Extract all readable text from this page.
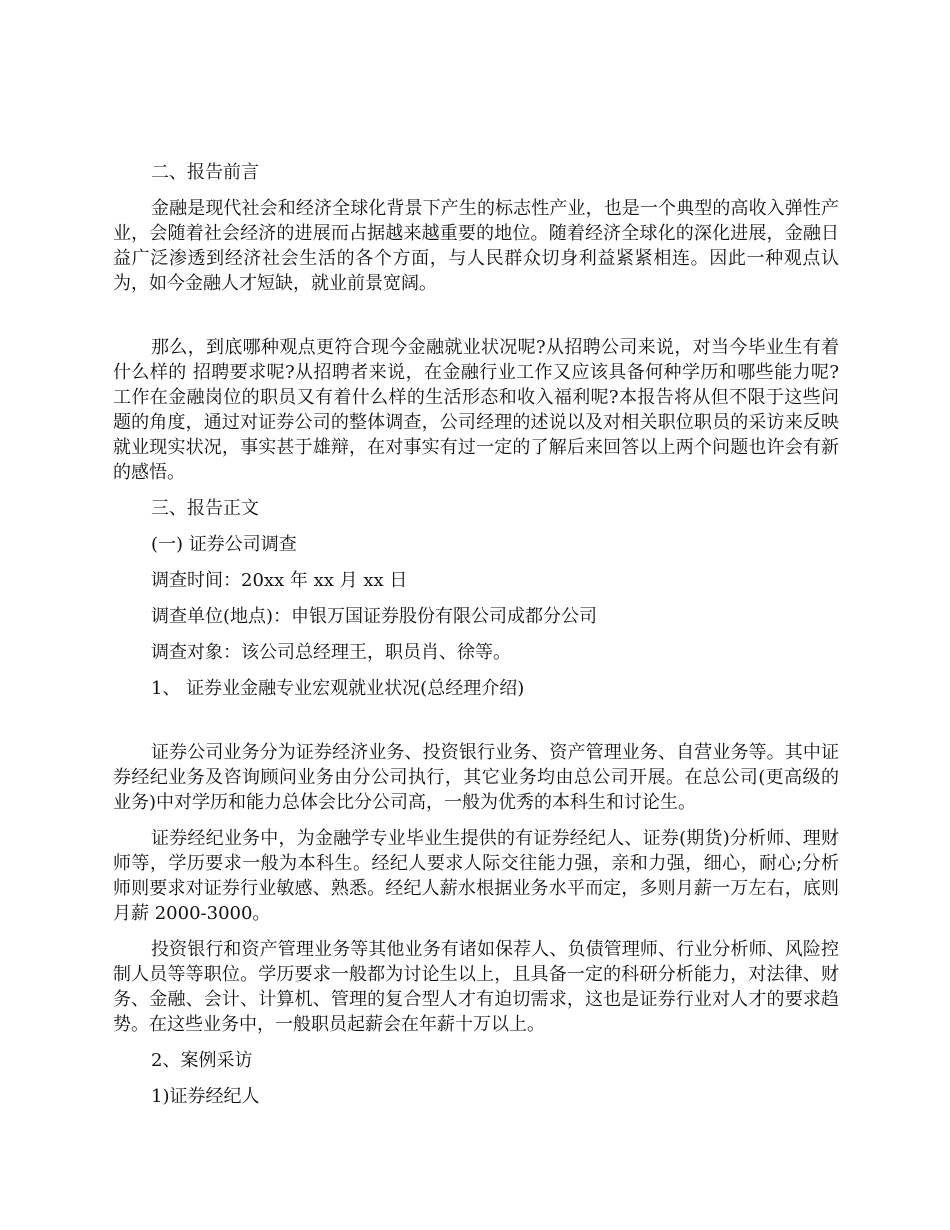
二、报告前言

金融是现代社会和经济全球化背景下产生的标志性产业，也是一个典型的高收入弹性产业，会随着社会经济的进展而占据越来越重要的地位。随着经济全球化的深化进展，金融日益广泛渗透到经济社会生活的各个方面，与人民群众切身利益紧紧相连。因此一种观点认为，如今金融人才短缺，就业前景宽阔。

那么，到底哪种观点更符合现今金融就业状况呢?从招聘公司来说，对当今毕业生有着什么样的 招聘要求呢?从招聘者来说，在金融行业工作又应该具备何种学历和哪些能力呢?工作在金融岗位的职员又有着什么样的生活形态和收入福利呢?本报告将从但不限于这些问题的角度，通过对证券公司的整体调查，公司经理的述说以及对相关职位职员的采访来反映就业现实状况，事实甚于雄辩，在对事实有过一定的了解后来回答以上两个问题也许会有新的感悟。

三、报告正文
(一) 证券公司调查
调查时间：20xx 年 xx 月 xx 日
调查单位(地点)：申银万国证券股份有限公司成都分公司
调查对象：该公司总经理王，职员肖、徐等。
1、 证券业金融专业宏观就业状况(总经理介绍)

证券公司业务分为证券经济业务、投资银行业务、资产管理业务、自营业务等。其中证券经纪业务及咨询顾问业务由分公司执行，其它业务均由总公司开展。在总公司(更高级的业务)中对学历和能力总体会比分公司高，一般为优秀的本科生和讨论生。

证券经纪业务中，为金融学专业毕业生提供的有证券经纪人、证券(期货)分析师、理财师等，学历要求一般为本科生。经纪人要求人际交往能力强，亲和力强，细心，耐心;分析师则要求对证券行业敏感、熟悉。经纪人薪水根据业务水平而定，多则月薪一万左右，底则月薪 2000-3000。

投资银行和资产管理业务等其他业务有诸如保荐人、负债管理师、行业分析师、风险控制人员等等职位。学历要求一般都为讨论生以上，且具备一定的科研分析能力，对法律、财务、金融、会计、计算机、管理的复合型人才有迫切需求，这也是证券行业对人才的要求趋势。在这些业务中，一般职员起薪会在年薪十万以上。

2、案例采访
1)证券经纪人
